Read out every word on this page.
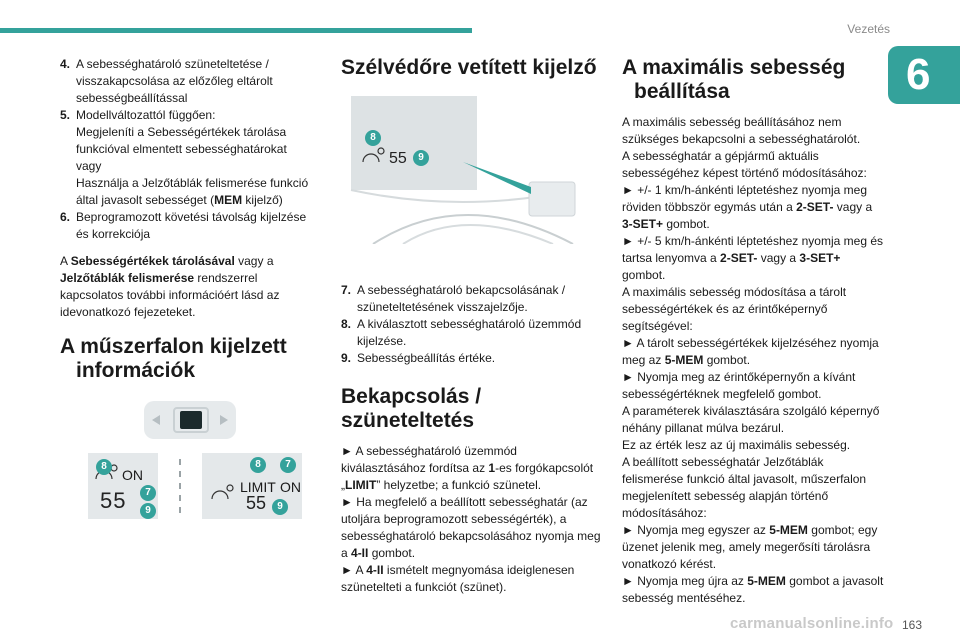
Vezetés
6
4. A sebességhatároló szüneteltetése / visszakapcsolása az előzőleg eltárolt sebességbeállítással
5. Modellváltozattól függően:
Megjeleníti a Sebességértékek tárolása funkcióval elmentett sebességhatárokat
vagy
Használja a Jelzőtáblák felismerése funkció által javasolt sebességet (MEM kijelző)
6. Beprogramozott követési távolság kijelzése és korrekciója

A Sebességértékek tárolásával vagy a Jelzőtáblák felismerése rendszerrel kapcsolatos további információért lásd az idevonatkozó fejezeteket.

A műszerfalon kijelzett
információk
8
ON
7
55	9
8	7
LIMIT ON
55	9
Szélvédőre vetített kijelző
8
55	9
7. A sebességhatároló bekapcsolásának / szüneteltetésének visszajelzője.
8. A kiválasztott sebességhatároló üzemmód kijelzése.
9. Sebességbeállítás értéke.
Bekapcsolás / szüneteltetés

► A sebességhatároló üzemmód kiválasztásához fordítsa az 1-es forgókapcsolót „LIMIT” helyzetbe; a funkció szünetel.

► Ha megfelelő a beállított sebességhatár (az utoljára beprogramozott sebességérték), a sebességhatároló bekapcsolásához nyomja meg a 4-II gombot.

► A 4-II ismételt megnyomása ideiglenesen szünetelteti a funkciót (szünet).

A maximális sebesség
beállítása

A maximális sebesség beállításához nem szükséges bekapcsolni a sebességhatárolót.

A sebességhatár a gépjármű aktuális sebességéhez képest történő módosításához:

► +/- 1 km/h-ánkénti léptetéshez nyomja meg röviden többször egymás után a 2-SET- vagy a 3-SET+ gombot.

► +/- 5 km/h-ánkénti léptetéshez nyomja meg és tartsa lenyomva a 2-SET- vagy a 3-SET+ gombot.

A maximális sebesség módosítása a tárolt sebességértékek és az érintőképernyő segítségével:

► A tárolt sebességértékek kijelzéséhez nyomja meg az 5-MEM gombot.

► Nyomja meg az érintőképernyőn a kívánt sebességértéknek megfelelő gombot.

A paraméterek kiválasztására szolgáló képernyő néhány pillanat múlva bezárul.

Ez az érték lesz az új maximális sebesség.

A beállított sebességhatár Jelzőtáblák felismerése funkció által javasolt, műszerfalon megjelenített sebesség alapján történő módosításához:

► Nyomja meg egyszer az 5-MEM gombot; egy üzenet jelenik meg, amely megerősíti tárolásra vonatkozó kérést.

► Nyomja meg újra az 5-MEM gombot a javasolt sebesség mentéséhez.

carmanualsonline.info 163
